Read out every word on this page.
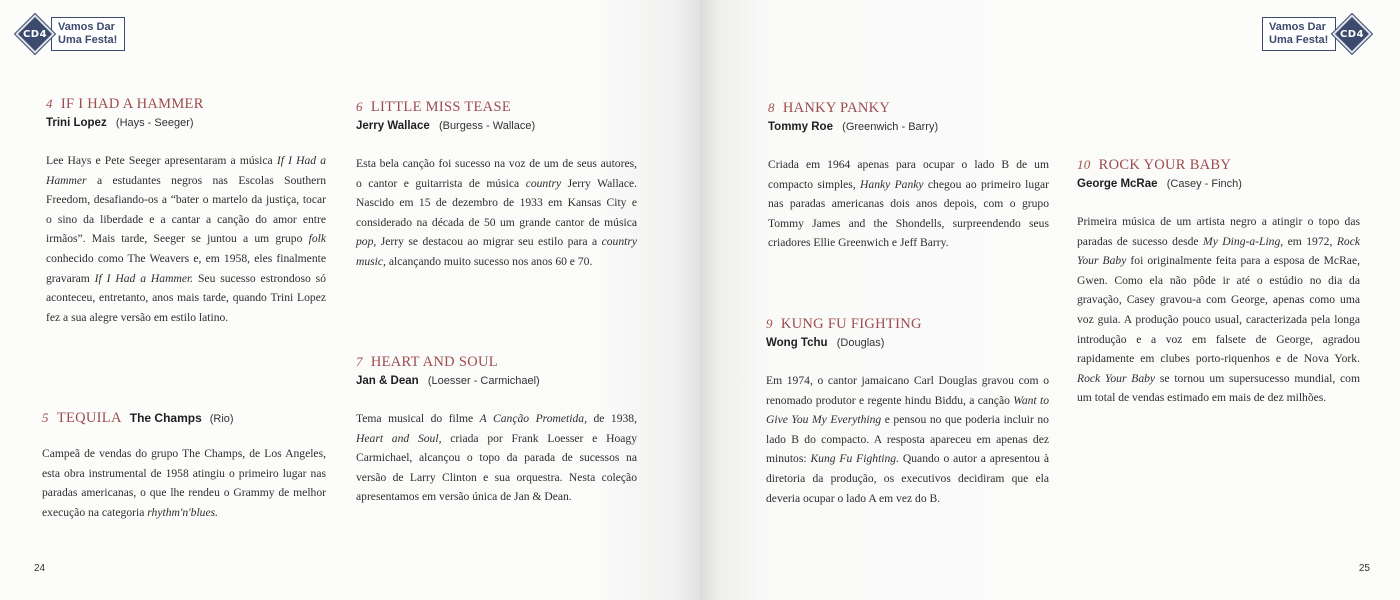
CD4
Vamos Dar
Uma Festa!
4 IF I HAD A HAMMER
Trini Lopez (Hays - Seeger)

Lee Hays e Pete Seeger apresentaram a música If I Had a Hammer a estudantes negros nas Escolas Southern Freedom, desafiando-os a “bater o martelo da justiça, tocar o sino da liberdade e a cantar a canção do amor entre irmãos”. Mais tarde, Seeger se juntou a um grupo folk conhecido como The Weavers e, em 1958, eles finalmente gravaram If I Had a Hammer. Seu sucesso estrondoso só aconteceu, entretanto, anos mais tarde, quando Trini Lopez fez a sua alegre versão em estilo latino.

5 TEQUILA The Champs (Rio)

Campeã de vendas do grupo The Champs, de Los Angeles, esta obra instrumental de 1958 atingiu o primeiro lugar nas paradas americanas, o que lhe rendeu o Grammy de melhor execução na categoria rhythm'n'blues.

6 LITTLE MISS TEASE
Jerry Wallace (Burgess - Wallace)

Esta bela canção foi sucesso na voz de um de seus autores, o cantor e guitarrista de música country Jerry Wallace. Nascido em 15 de dezembro de 1933 em Kansas City e considerado na década de 50 um grande cantor de música pop, Jerry se destacou ao migrar seu estilo para a country music, alcançando muito sucesso nos anos 60 e 70.

7 HEART AND SOUL
Jan & Dean (Loesser - Carmichael)

Tema musical do filme A Canção Prometida, de 1938, Heart and Soul, criada por Frank Loesser e Hoagy Carmichael, alcançou o topo da parada de sucessos na versão de Larry Clinton e sua orquestra. Nesta coleção apresentamos em versão única de Jan & Dean.

24
CD4
Vamos Dar
Uma Festa!
8 HANKY PANKY
Tommy Roe (Greenwich - Barry)

Criada em 1964 apenas para ocupar o lado B de um compacto simples, Hanky Panky chegou ao primeiro lugar nas paradas americanas dois anos depois, com o grupo Tommy James and the Shondells, surpreendendo seus criadores Ellie Greenwich e Jeff Barry.

9 KUNG FU FIGHTING
Wong Tchu (Douglas)

Em 1974, o cantor jamaicano Carl Douglas gravou com o renomado produtor e regente hindu Biddu, a canção Want to Give You My Everything e pensou no que poderia incluir no lado B do compacto. A resposta apareceu em apenas dez minutos: Kung Fu Fighting. Quando o autor a apresentou à diretoria da produção, os executivos decidiram que ela deveria ocupar o lado A em vez do B.

10 ROCK YOUR BABY
George McRae (Casey - Finch)

Primeira música de um artista negro a atingir o topo das paradas de sucesso desde My Ding-a-Ling, em 1972, Rock Your Baby foi originalmente feita para a esposa de McRae, Gwen. Como ela não pôde ir até o estúdio no dia da gravação, Casey gravou-a com George, apenas como uma voz guia. A produção pouco usual, caracterizada pela longa introdução e a voz em falsete de George, agradou rapidamente em clubes porto-riquenhos e de Nova York. Rock Your Baby se tornou um supersucesso mundial, com um total de vendas estimado em mais de dez milhões.

25
